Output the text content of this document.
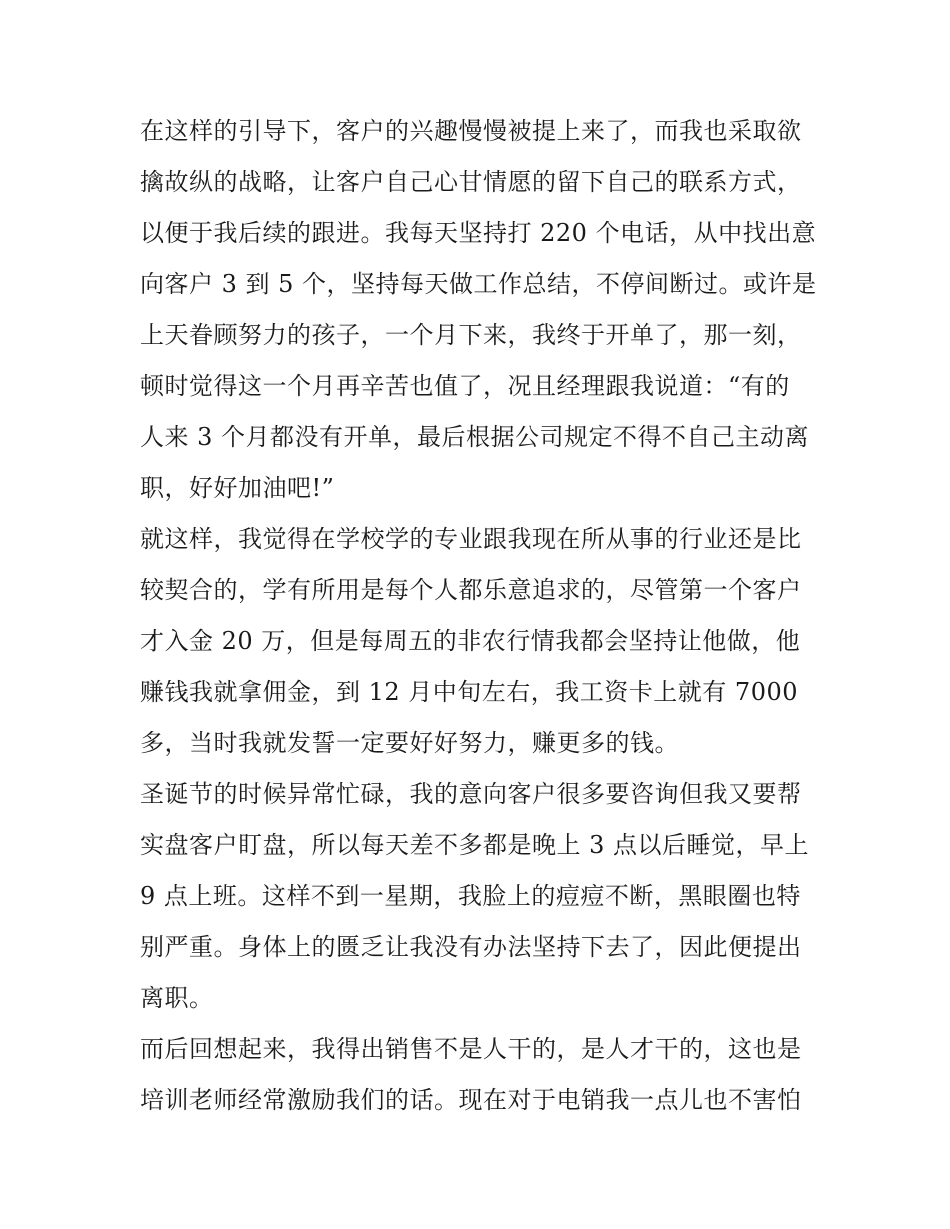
在这样的引导下，客户的兴趣慢慢被提上来了，而我也采取欲
擒故纵的战略，让客户自己心甘情愿的留下自己的联系方式，
以便于我后续的跟进。我每天坚持打 220 个电话，从中找出意
向客户 3 到 5 个，坚持每天做工作总结，不停间断过。或许是
上天眷顾努力的孩子，一个月下来，我终于开单了，那一刻，
顿时觉得这一个月再辛苦也值了，况且经理跟我说道：“有的
人来 3 个月都没有开单，最后根据公司规定不得不自己主动离
职，好好加油吧!”
就这样，我觉得在学校学的专业跟我现在所从事的行业还是比
较契合的，学有所用是每个人都乐意追求的，尽管第一个客户
才入金 20 万，但是每周五的非农行情我都会坚持让他做，他
赚钱我就拿佣金，到 12 月中旬左右，我工资卡上就有 7000
多，当时我就发誓一定要好好努力，赚更多的钱。
圣诞节的时候异常忙碌，我的意向客户很多要咨询但我又要帮
实盘客户盯盘，所以每天差不多都是晚上 3 点以后睡觉，早上
9 点上班。这样不到一星期，我脸上的痘痘不断，黑眼圈也特
别严重。身体上的匮乏让我没有办法坚持下去了，因此便提出
离职。
而后回想起来，我得出销售不是人干的，是人才干的，这也是
培训老师经常激励我们的话。现在对于电销我一点儿也不害怕
